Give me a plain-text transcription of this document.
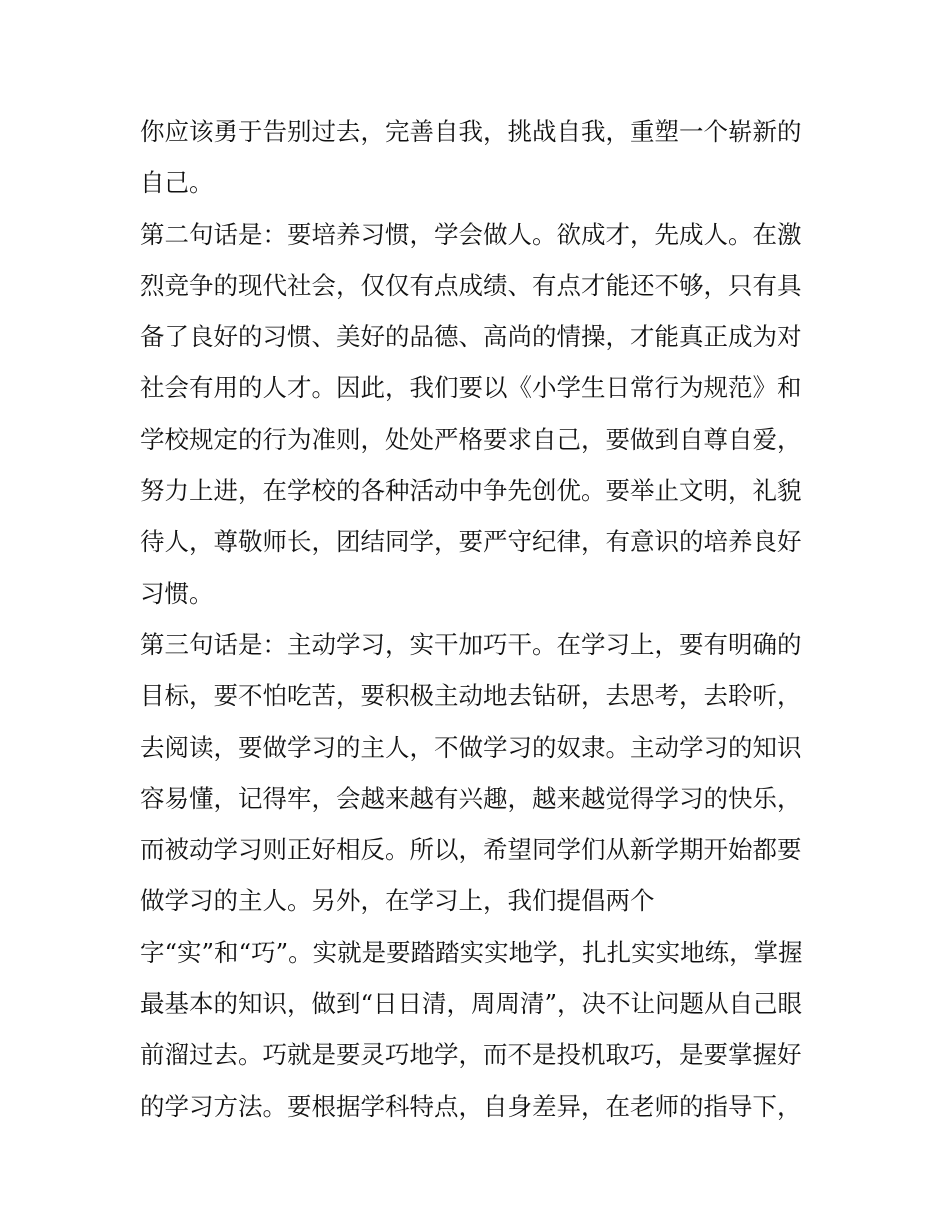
你应该勇于告别过去，完善自我，挑战自我，重塑一个崭新的
自己。
第二句话是：要培养习惯，学会做人。欲成才，先成人。在激
烈竞争的现代社会，仅仅有点成绩、有点才能还不够，只有具
备了良好的习惯、美好的品德、高尚的情操，才能真正成为对
社会有用的人才。因此，我们要以《小学生日常行为规范》和
学校规定的行为准则，处处严格要求自己，要做到自尊自爱，
努力上进，在学校的各种活动中争先创优。要举止文明，礼貌
待人，尊敬师长，团结同学，要严守纪律，有意识的培养良好
习惯。
第三句话是：主动学习，实干加巧干。在学习上，要有明确的
目标，要不怕吃苦，要积极主动地去钻研，去思考，去聆听，
去阅读，要做学习的主人，不做学习的奴隶。主动学习的知识
容易懂，记得牢，会越来越有兴趣，越来越觉得学习的快乐，
而被动学习则正好相反。所以，希望同学们从新学期开始都要
做学习的主人。另外，在学习上，我们提倡两个
字“实”和“巧”。实就是要踏踏实实地学，扎扎实实地练，掌握
最基本的知识，做到“日日清，周周清”，决不让问题从自己眼
前溜过去。巧就是要灵巧地学，而不是投机取巧，是要掌握好
的学习方法。要根据学科特点，自身差异，在老师的指导下，
